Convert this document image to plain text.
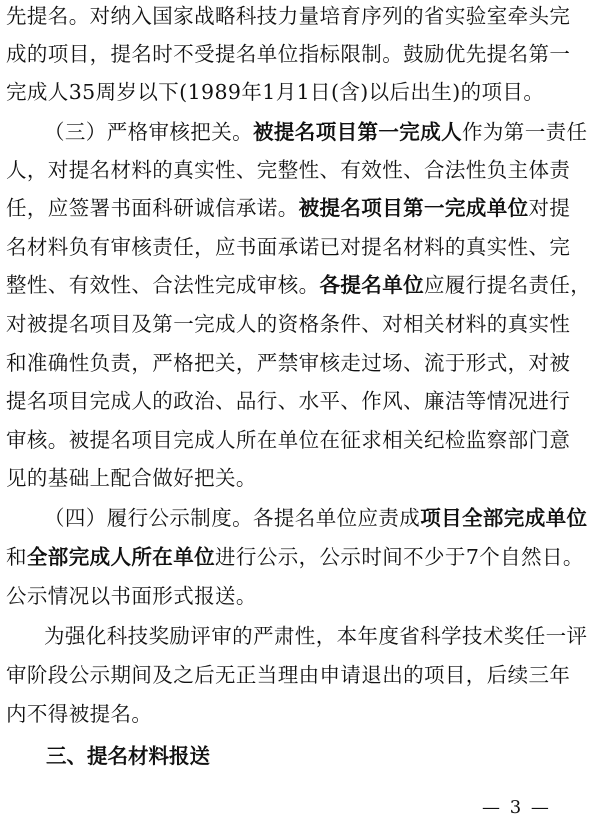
先提名。对纳入国家战略科技力量培育序列的省实验室牵头完
成的项目，提名时不受提名单位指标限制。鼓励优先提名第一
完成人35周岁以下(1989年1月1日(含)以后出生)的项目。
（三）严格审核把关。被提名项目第一完成人作为第一责任
人，对提名材料的真实性、完整性、有效性、合法性负主体责
任，应签署书面科研诚信承诺。被提名项目第一完成单位对提
名材料负有审核责任，应书面承诺已对提名材料的真实性、完
整性、有效性、合法性完成审核。各提名单位应履行提名责任，
对被提名项目及第一完成人的资格条件、对相关材料的真实性
和准确性负责，严格把关，严禁审核走过场、流于形式，对被
提名项目完成人的政治、品行、水平、作风、廉洁等情况进行
审核。被提名项目完成人所在单位在征求相关纪检监察部门意
见的基础上配合做好把关。
（四）履行公示制度。各提名单位应责成项目全部完成单位
和全部完成人所在单位进行公示，公示时间不少于7个自然日。
公示情况以书面形式报送。
为强化科技奖励评审的严肃性，本年度省科学技术奖任一评
审阶段公示期间及之后无正当理由申请退出的项目，后续三年
内不得被提名。
三、提名材料报送
— 3 —
